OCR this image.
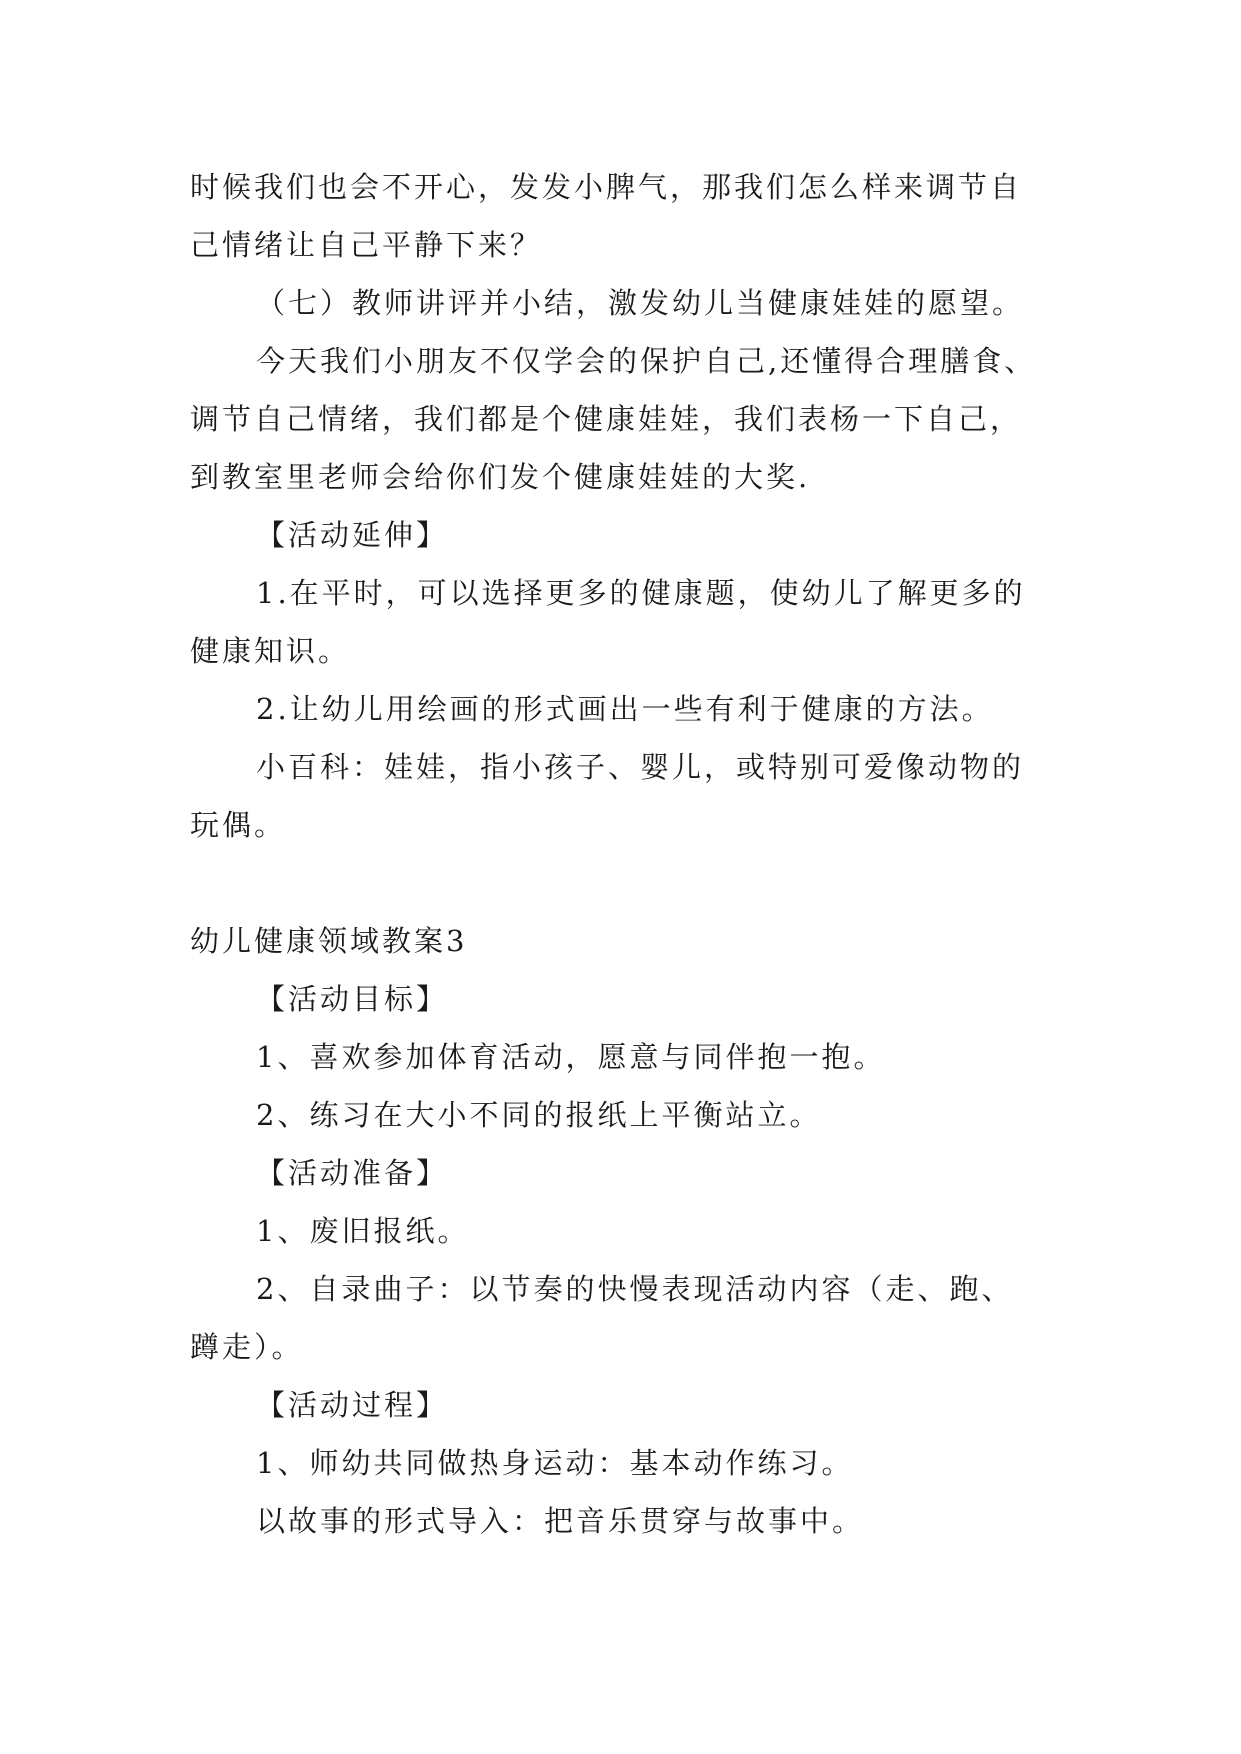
时候我们也会不开心，发发小脾气，那我们怎么样来调节自
己情绪让自己平静下来？
（七）教师讲评并小结，激发幼儿当健康娃娃的愿望。
今天我们小朋友不仅学会的保护自己,还懂得合理膳食、
调节自己情绪，我们都是个健康娃娃，我们表杨一下自己，
到教室里老师会给你们发个健康娃娃的大奖.
【活动延伸】
1.在平时，可以选择更多的健康题，使幼儿了解更多的
健康知识。
2.让幼儿用绘画的形式画出一些有利于健康的方法。
小百科：娃娃，指小孩子、婴儿，或特别可爱像动物的
玩偶。
幼儿健康领域教案3
【活动目标】
1、喜欢参加体育活动，愿意与同伴抱一抱。
2、练习在大小不同的报纸上平衡站立。
【活动准备】
1、废旧报纸。
2、自录曲子：以节奏的快慢表现活动内容（走、跑、
蹲走）。
【活动过程】
1、师幼共同做热身运动：基本动作练习。
以故事的形式导入：把音乐贯穿与故事中。
